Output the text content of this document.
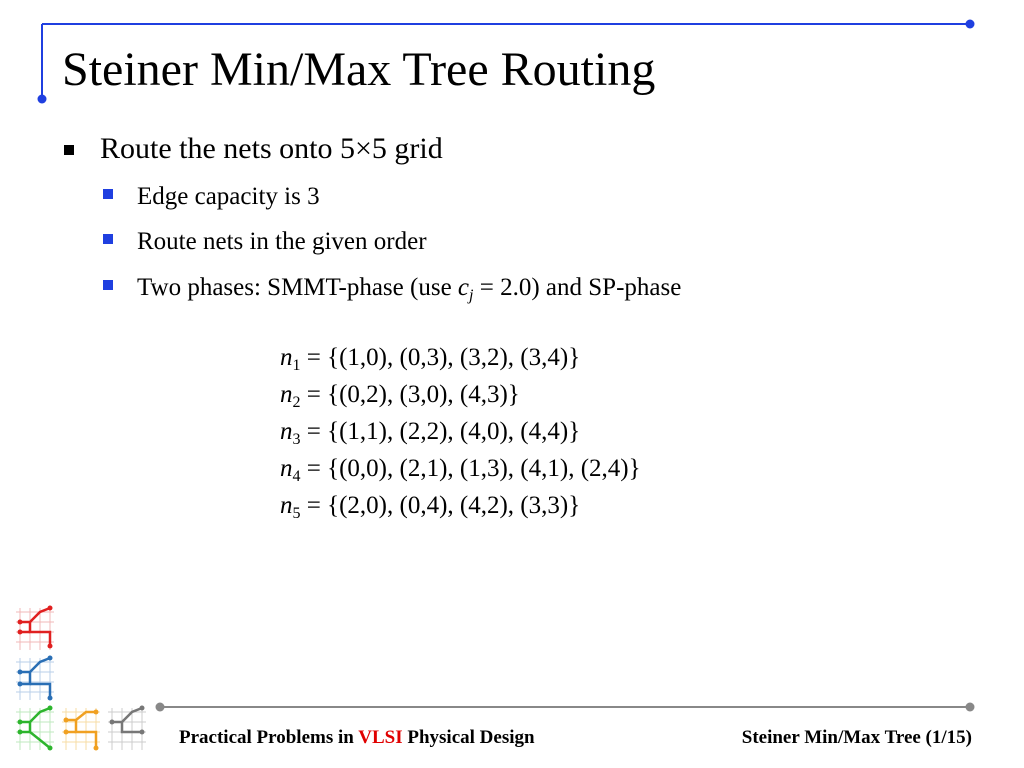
Steiner Min/Max Tree Routing
Route the nets onto 5×5 grid
Edge capacity is 3
Route nets in the given order
Two phases: SMMT-phase (use $c_j = 2.0$) and SP-phase
$n_1 = \{(1,0)$, (0,3), (3,2), (3,4)}
$n_2 = \{(0,2)$, (3,0), (4,3)}
$n_3 = \{(1,1)$, (2,2), (4,0), (4,4)}
$n_4 = \{(0,0)$, (2,1), (1,3), (4,1), (2,4)}
$n_5 = \{(2,0)$, (0,4), (4,2), (3,3)}
Practical Problems in VLSI Physical Design	Steiner Min/Max Tree (1/15)
